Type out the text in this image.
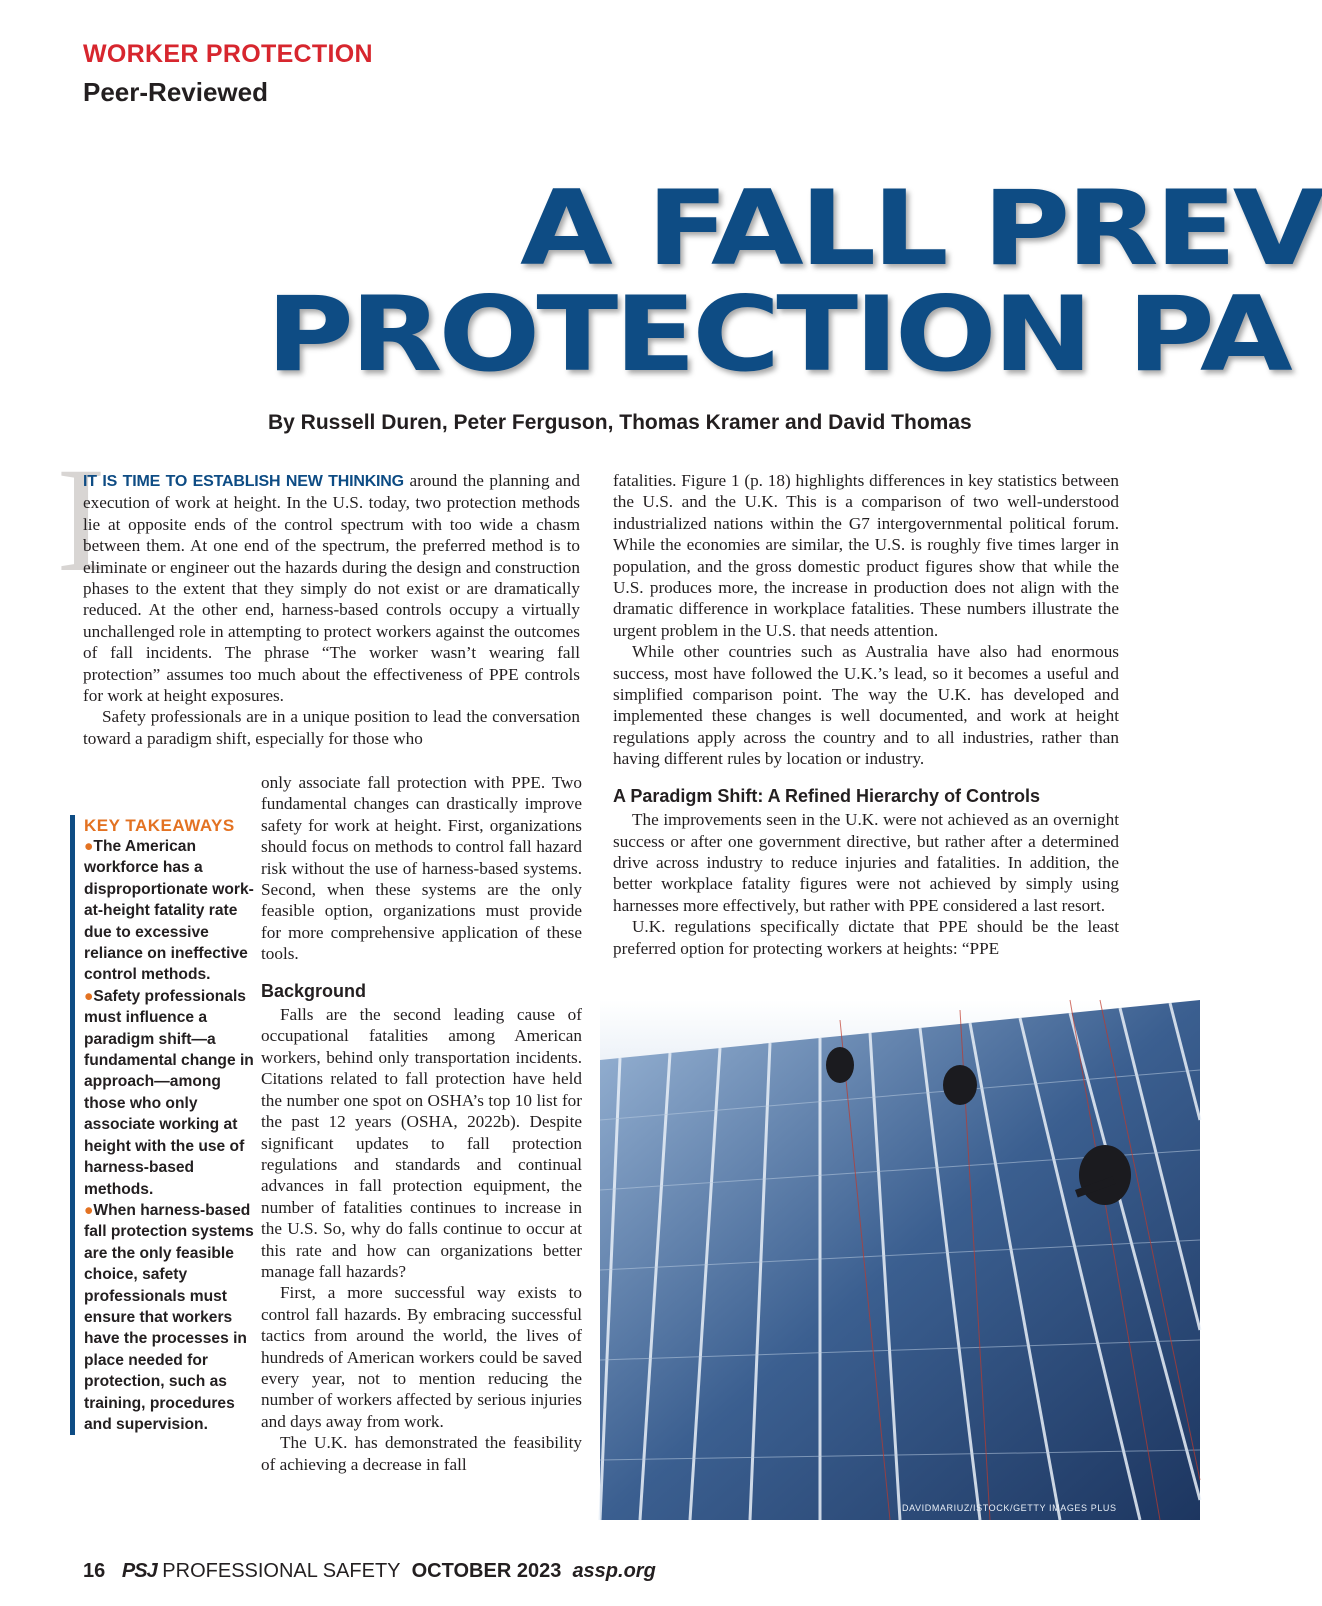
WORKER PROTECTION
Peer-Reviewed
A FALL PREV
PROTECTION PA
By Russell Duren, Peter Ferguson, Thomas Kramer and David Thomas
I

IT IS TIME TO ESTABLISH NEW THINKING around the planning and execution of work at height. In the U.S. today, two protection methods lie at opposite ends of the control spectrum with too wide a chasm between them. At one end of the spectrum, the preferred method is to eliminate or engineer out the hazards during the design and construction phases to the extent that they simply do not exist or are dramatically reduced. At the other end, harness-based controls occupy a virtually unchallenged role in attempting to protect workers against the outcomes of fall incidents. The phrase “The worker wasn’t wearing fall protection” assumes too much about the effectiveness of PPE controls for work at height exposures.

Safety professionals are in a unique position to lead the conversation toward a paradigm shift, especially for those who

KEY TAKEAWAYS
●The American workforce has a disproportionate work-at-height fatality rate due to excessive reliance on ineffective control methods.
●Safety professionals must influence a paradigm shift—a fundamental change in approach—among those who only associate working at height with the use of harness-based methods.
●When harness-based fall protection systems are the only feasible choice, safety professionals must ensure that workers have the processes in place needed for protection, such as training, procedures and supervision.

only associate fall protection with PPE. Two fundamental changes can drastically improve safety for work at height. First, organizations should focus on methods to control fall hazard risk without the use of harness-based systems. Second, when these systems are the only feasible option, organizations must provide for more comprehensive application of these tools.

Background

Falls are the second leading cause of occupational fatalities among American workers, behind only transportation incidents. Citations related to fall protection have held the number one spot on OSHA’s top 10 list for the past 12 years (OSHA, 2022b). Despite significant updates to fall protection regulations and standards and continual advances in fall protection equipment, the number of fatalities continues to increase in the U.S. So, why do falls continue to occur at this rate and how can organizations better manage fall hazards?

First, a more successful way exists to control fall hazards. By embracing successful tactics from around the world, the lives of hundreds of American workers could be saved every year, not to mention reducing the number of workers affected by serious injuries and days away from work.

The U.K. has demonstrated the feasibility of achieving a decrease in fall

fatalities. Figure 1 (p. 18) highlights differences in key statistics between the U.S. and the U.K. This is a comparison of two well-understood industrialized nations within the G7 intergovernmental political forum. While the economies are similar, the U.S. is roughly five times larger in population, and the gross domestic product figures show that while the U.S. produces more, the increase in production does not align with the dramatic difference in workplace fatalities. These numbers illustrate the urgent problem in the U.S. that needs attention.

While other countries such as Australia have also had enormous success, most have followed the U.K.’s lead, so it becomes a useful and simplified comparison point. The way the U.K. has developed and implemented these changes is well documented, and work at height regulations apply across the country and to all industries, rather than having different rules by location or industry.

A Paradigm Shift: A Refined Hierarchy of Controls

The improvements seen in the U.K. were not achieved as an overnight success or after one government directive, but rather after a determined drive across industry to reduce injuries and fatalities. In addition, the better workplace fatality figures were not achieved by simply using harnesses more effectively, but rather with PPE considered a last resort.

U.K. regulations specifically dictate that PPE should be the least preferred option for protecting workers at heights: “PPE

DAVIDMARIUZ/ISTOCK/GETTY IMAGES PLUS
16 PSJ PROFESSIONAL SAFETY OCTOBER 2023 assp.org
